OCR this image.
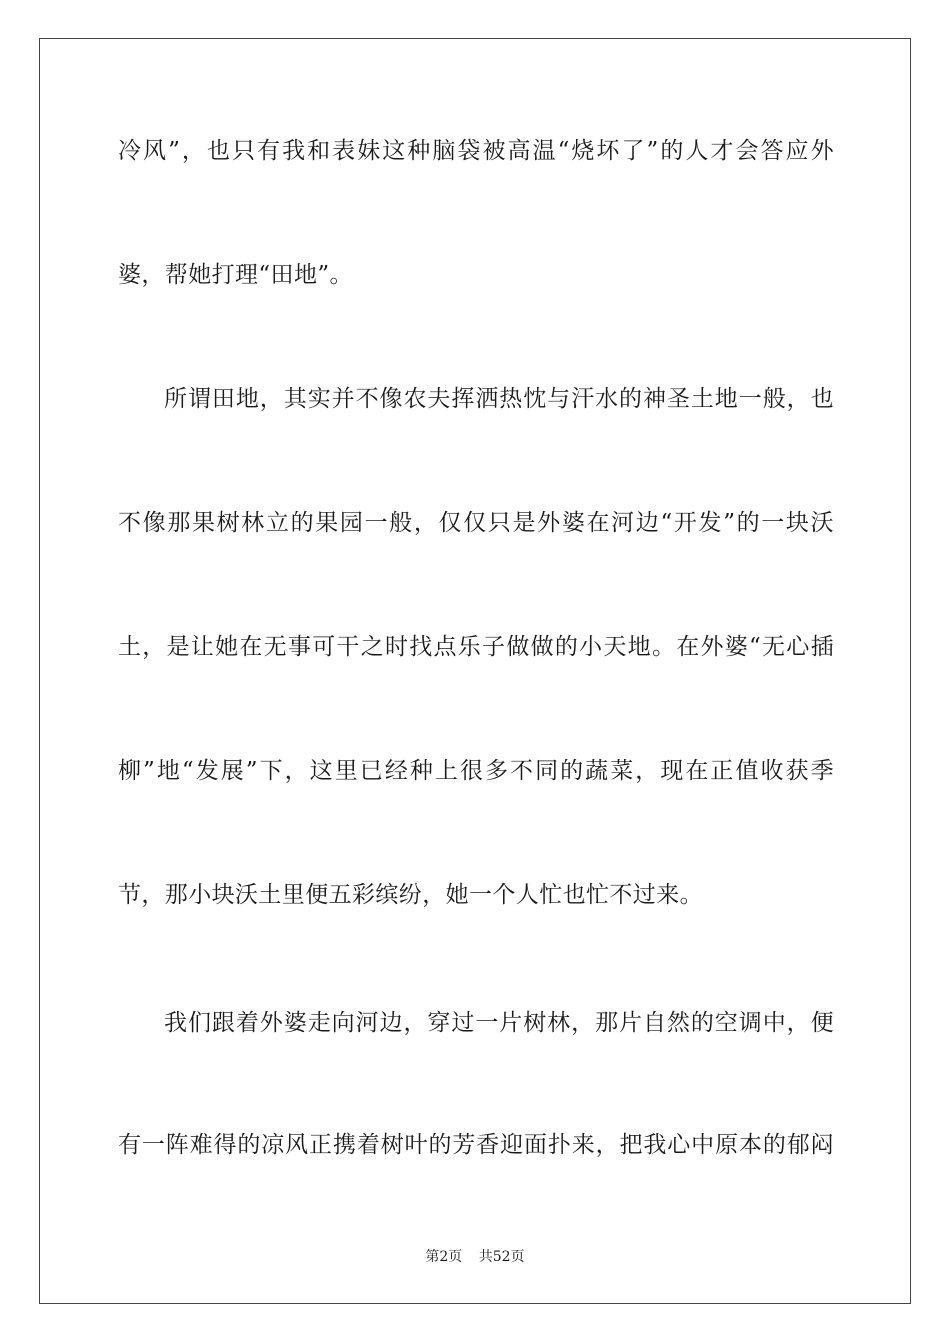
冷风”，也只有我和表妹这种脑袋被高温“烧坏了”的人才会答应外
婆，帮她打理“田地”。
所谓田地，其实并不像农夫挥洒热忱与汗水的神圣土地一般，也
不像那果树林立的果园一般，仅仅只是外婆在河边“开发”的一块沃
土，是让她在无事可干之时找点乐子做做的小天地。在外婆“无心插
柳”地“发展”下，这里已经种上很多不同的蔬菜，现在正值收获季
节，那小块沃土里便五彩缤纷，她一个人忙也忙不过来。
我们跟着外婆走向河边，穿过一片树林，那片自然的空调中，便
有一阵难得的凉风正携着树叶的芳香迎面扑来，把我心中原本的郁闷
第2页 共52页
